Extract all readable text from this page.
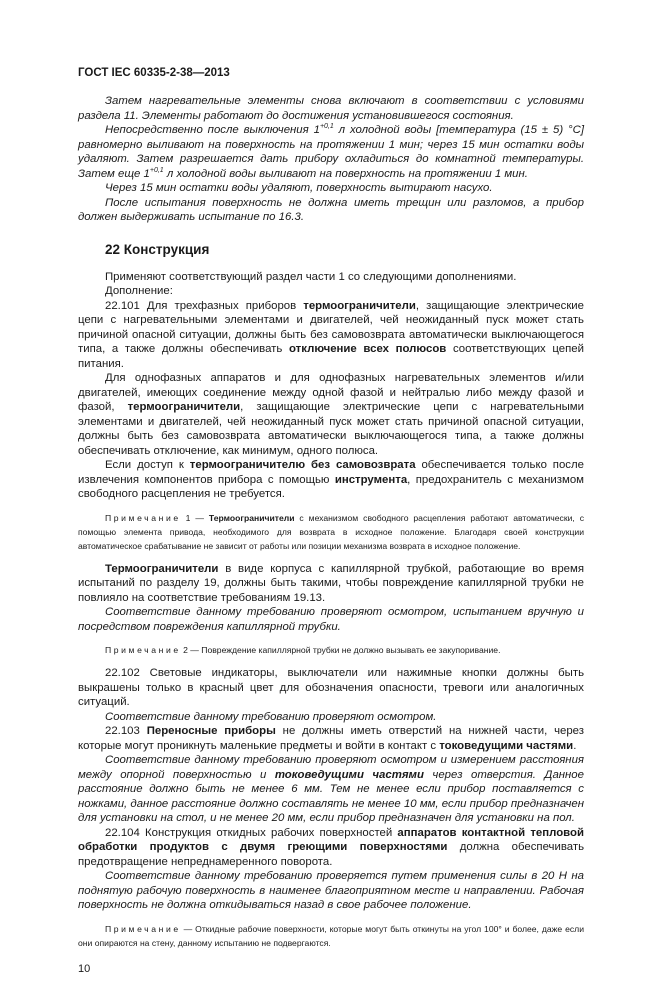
ГОСТ IEC 60335-2-38—2013

Затем нагревательные элементы снова включают в соответствии с условиями раздела 11. Элементы работают до достижения установившегося состояния.

Непосредственно после выключения $1^{+0,1}$ л холодной воды [температура (15 ± 5) °C] равномерно выливают на поверхность на протяжении 1 мин; через 15 мин остатки воды удаляют. Затем разрешается дать прибору охладиться до комнатной температуры. Затем еще $1^{+0,1}$ л холодной воды выливают на поверхность на протяжении 1 мин.

Через 15 мин остатки воды удаляют, поверхность вытирают насухо.

После испытания поверхность не должна иметь трещин или разломов, а прибор должен выдерживать испытание по 16.3.

22 Конструкция

Применяют соответствующий раздел части 1 со следующими дополнениями.

Дополнение:

22.101 Для трехфазных приборов термоограничители, защищающие электрические цепи с нагревательными элементами и двигателей, чей неожиданный пуск может стать причиной опасной ситуации, должны быть без самовозврата автоматически выключающегося типа, а также должны обеспечивать отключение всех полюсов соответствующих цепей питания.

Для однофазных аппаратов и для однофазных нагревательных элементов и/или двигателей, имеющих соединение между одной фазой и нейтралью либо между фазой и фазой, термоограничители, защищающие электрические цепи с нагревательными элементами и двигателей, чей неожиданный пуск может стать причиной опасной ситуации, должны быть без самовозврата автоматически выключающегося типа, а также должны обеспечивать отключение, как минимум, одного полюса.

Если доступ к термоограничителю без самовозврата обеспечивается только после извлечения компонентов прибора с помощью инструмента, предохранитель с механизмом свободного расцепления не требуется.

Примечание 1 — Термоограничители с механизмом свободного расцепления работают автоматически, с помощью элемента привода, необходимого для возврата в исходное положение. Благодаря своей конструкции автоматическое срабатывание не зависит от работы или позиции механизма возврата в исходное положение.

Термоограничители в виде корпуса с капиллярной трубкой, работающие во время испытаний по разделу 19, должны быть такими, чтобы повреждение капиллярной трубки не повлияло на соответствие требованиям 19.13.

Соответствие данному требованию проверяют осмотром, испытанием вручную и посредством повреждения капиллярной трубки.

Примечание 2 — Повреждение капиллярной трубки не должно вызывать ее закупоривание.

22.102 Световые индикаторы, выключатели или нажимные кнопки должны быть выкрашены только в красный цвет для обозначения опасности, тревоги или аналогичных ситуаций.

Соответствие данному требованию проверяют осмотром.

22.103 Переносные приборы не должны иметь отверстий на нижней части, через которые могут проникнуть маленькие предметы и войти в контакт с токоведущими частями.

Соответствие данному требованию проверяют осмотром и измерением расстояния между опорной поверхностью и токоведущими частями через отверстия. Данное расстояние должно быть не менее 6 мм. Тем не менее если прибор поставляется с ножками, данное расстояние должно составлять не менее 10 мм, если прибор предназначен для установки на стол, и не менее 20 мм, если прибор предназначен для установки на пол.

22.104 Конструкция откидных рабочих поверхностей аппаратов контактной тепловой обработки продуктов с двумя греющими поверхностями должна обеспечивать предотвращение непреднамеренного поворота.

Соответствие данному требованию проверяется путем применения силы в 20 Н на поднятую рабочую поверхность в наименее благоприятном месте и направлении. Рабочая поверхность не должна откидываться назад в свое рабочее положение.

Примечание — Откидные рабочие поверхности, которые могут быть откинуты на угол 100° и более, даже если они опираются на стену, данному испытанию не подвергаются.

10
